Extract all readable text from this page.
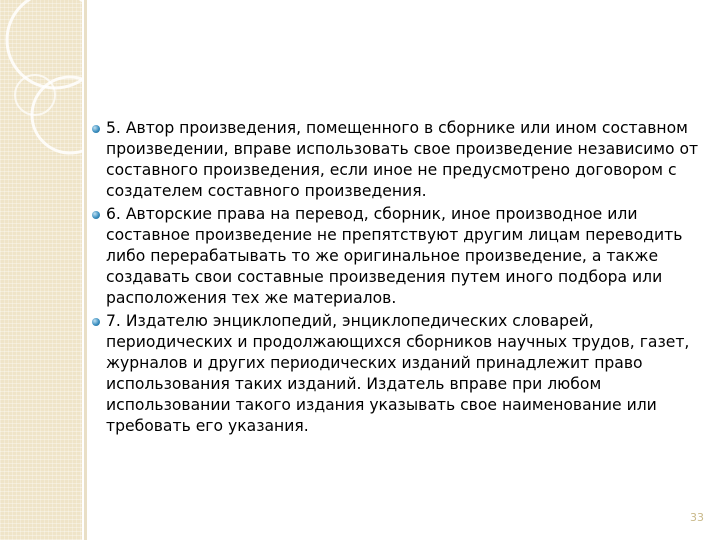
5. Автор произведения, помещенного в сборнике или ином составном произведении, вправе использовать свое произведение независимо от составного произведения, если иное не предусмотрено договором с создателем составного произведения.
6. Авторские права на перевод, сборник, иное производное или составное произведение не препятствуют другим лицам переводить либо перерабатывать то же оригинальное произведение, а также создавать свои составные произведения путем иного подбора или расположения тех же материалов.
7. Издателю энциклопедий, энциклопедических словарей, периодических и продолжающихся сборников научных трудов, газет, журналов и других периодических изданий принадлежит право использования таких изданий. Издатель вправе при любом использовании такого издания указывать свое наименование или требовать его указания.
33
